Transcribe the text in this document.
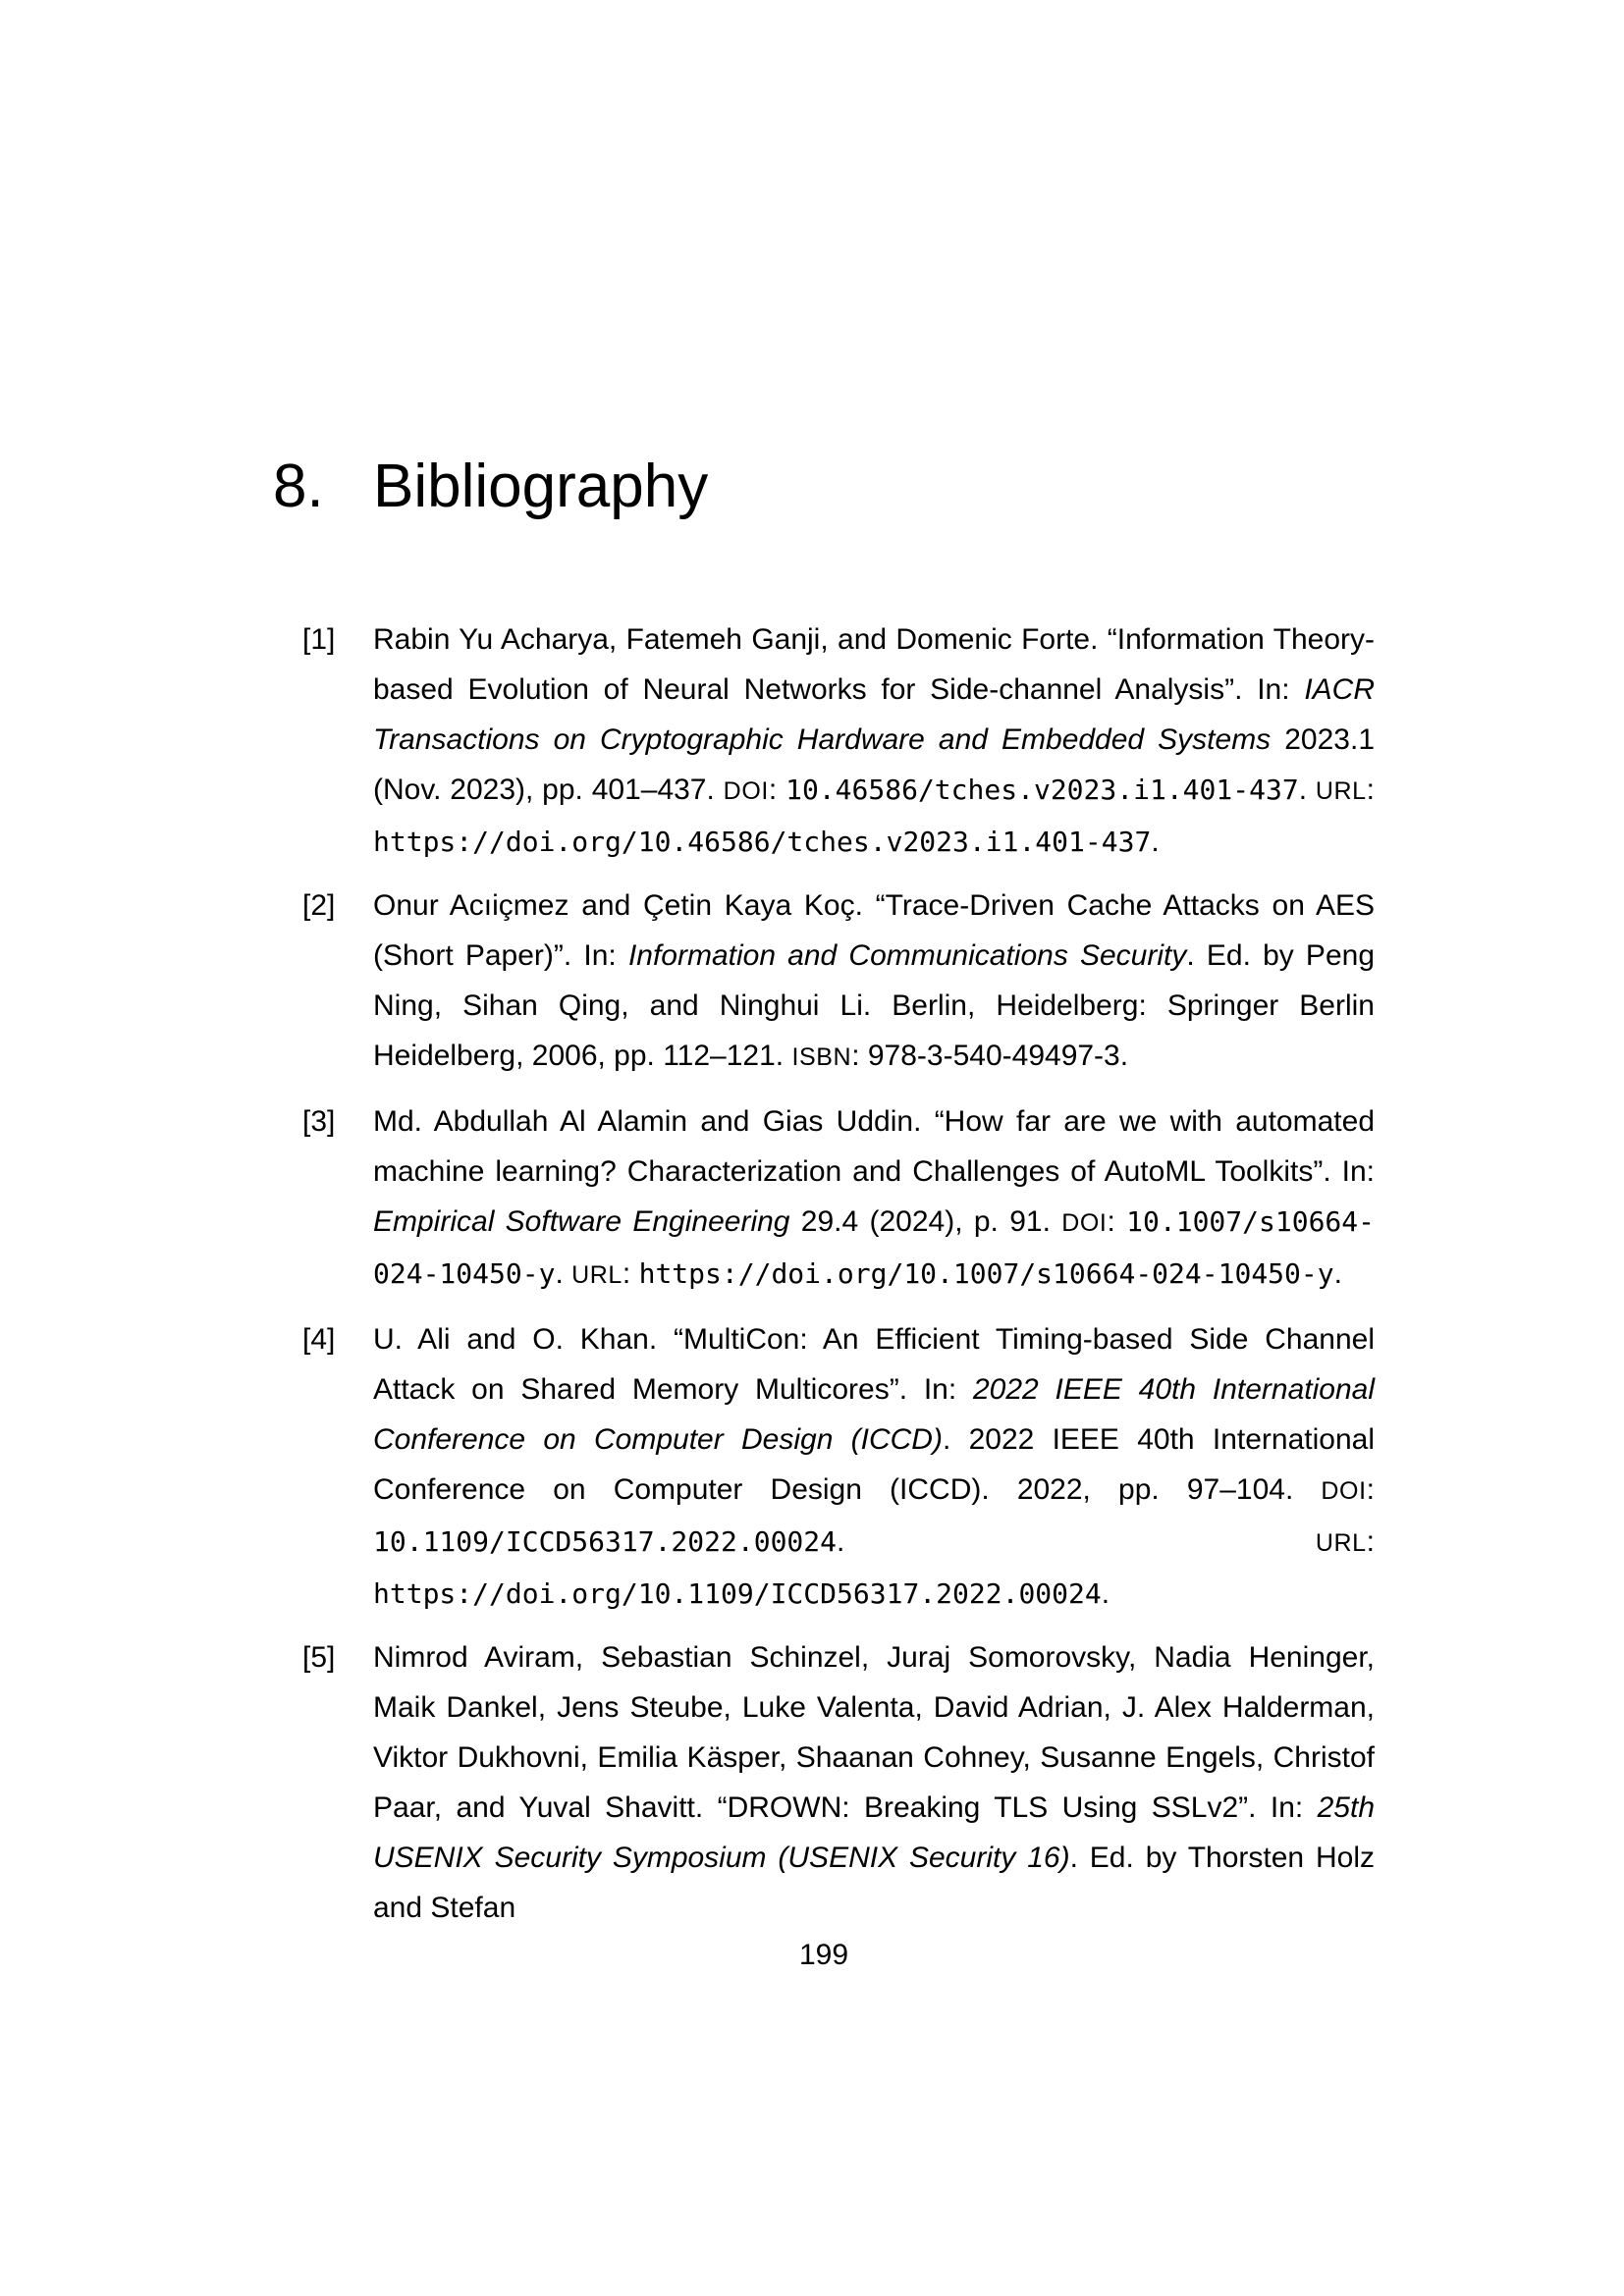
8. Bibliography
[1]	Rabin Yu Acharya, Fatemeh Ganji, and Domenic Forte. “Information Theory-based Evolution of Neural Networks for Side-channel Analysis”. In: IACR Transactions on Cryptographic Hardware and Embedded Systems 2023.1 (Nov. 2023), pp. 401–437. DOI: 10.46586/tches.v2023.i1.401-437. URL: https://doi.org/10.46586/tches.v2023.i1.401-437.
[2]	Onur Acıiçmez and Çetin Kaya Koç. “Trace-Driven Cache Attacks on AES (Short Paper)”. In: Information and Communications Security. Ed. by Peng Ning, Sihan Qing, and Ninghui Li. Berlin, Heidelberg: Springer Berlin Heidelberg, 2006, pp. 112–121. ISBN: 978-3-540-49497-3.
[3]	Md. Abdullah Al Alamin and Gias Uddin. “How far are we with automated machine learning? Characterization and Challenges of AutoML Toolkits”. In: Empirical Software Engineering 29.4 (2024), p. 91. DOI: 10.1007/s10664-024-10450-y. URL: https://doi.org/10.1007/s10664-024-10450-y.
[4]	U. Ali and O. Khan. “MultiCon: An Efficient Timing-based Side Channel Attack on Shared Memory Multicores”. In: 2022 IEEE 40th International Conference on Computer Design (ICCD). 2022 IEEE 40th International Conference on Computer Design (ICCD). 2022, pp. 97–104. DOI: 10.1109/ICCD56317.2022.00024. URL: https://doi.org/10.1109/ICCD56317.2022.00024.
[5]	Nimrod Aviram, Sebastian Schinzel, Juraj Somorovsky, Nadia Heninger, Maik Dankel, Jens Steube, Luke Valenta, David Adrian, J. Alex Halderman, Viktor Dukhovni, Emilia Käsper, Shaanan Cohney, Susanne Engels, Christof Paar, and Yuval Shavitt. “DROWN: Breaking TLS Using SSLv2”. In: 25th USENIX Security Symposium (USENIX Security 16). Ed. by Thorsten Holz and Stefan
199
